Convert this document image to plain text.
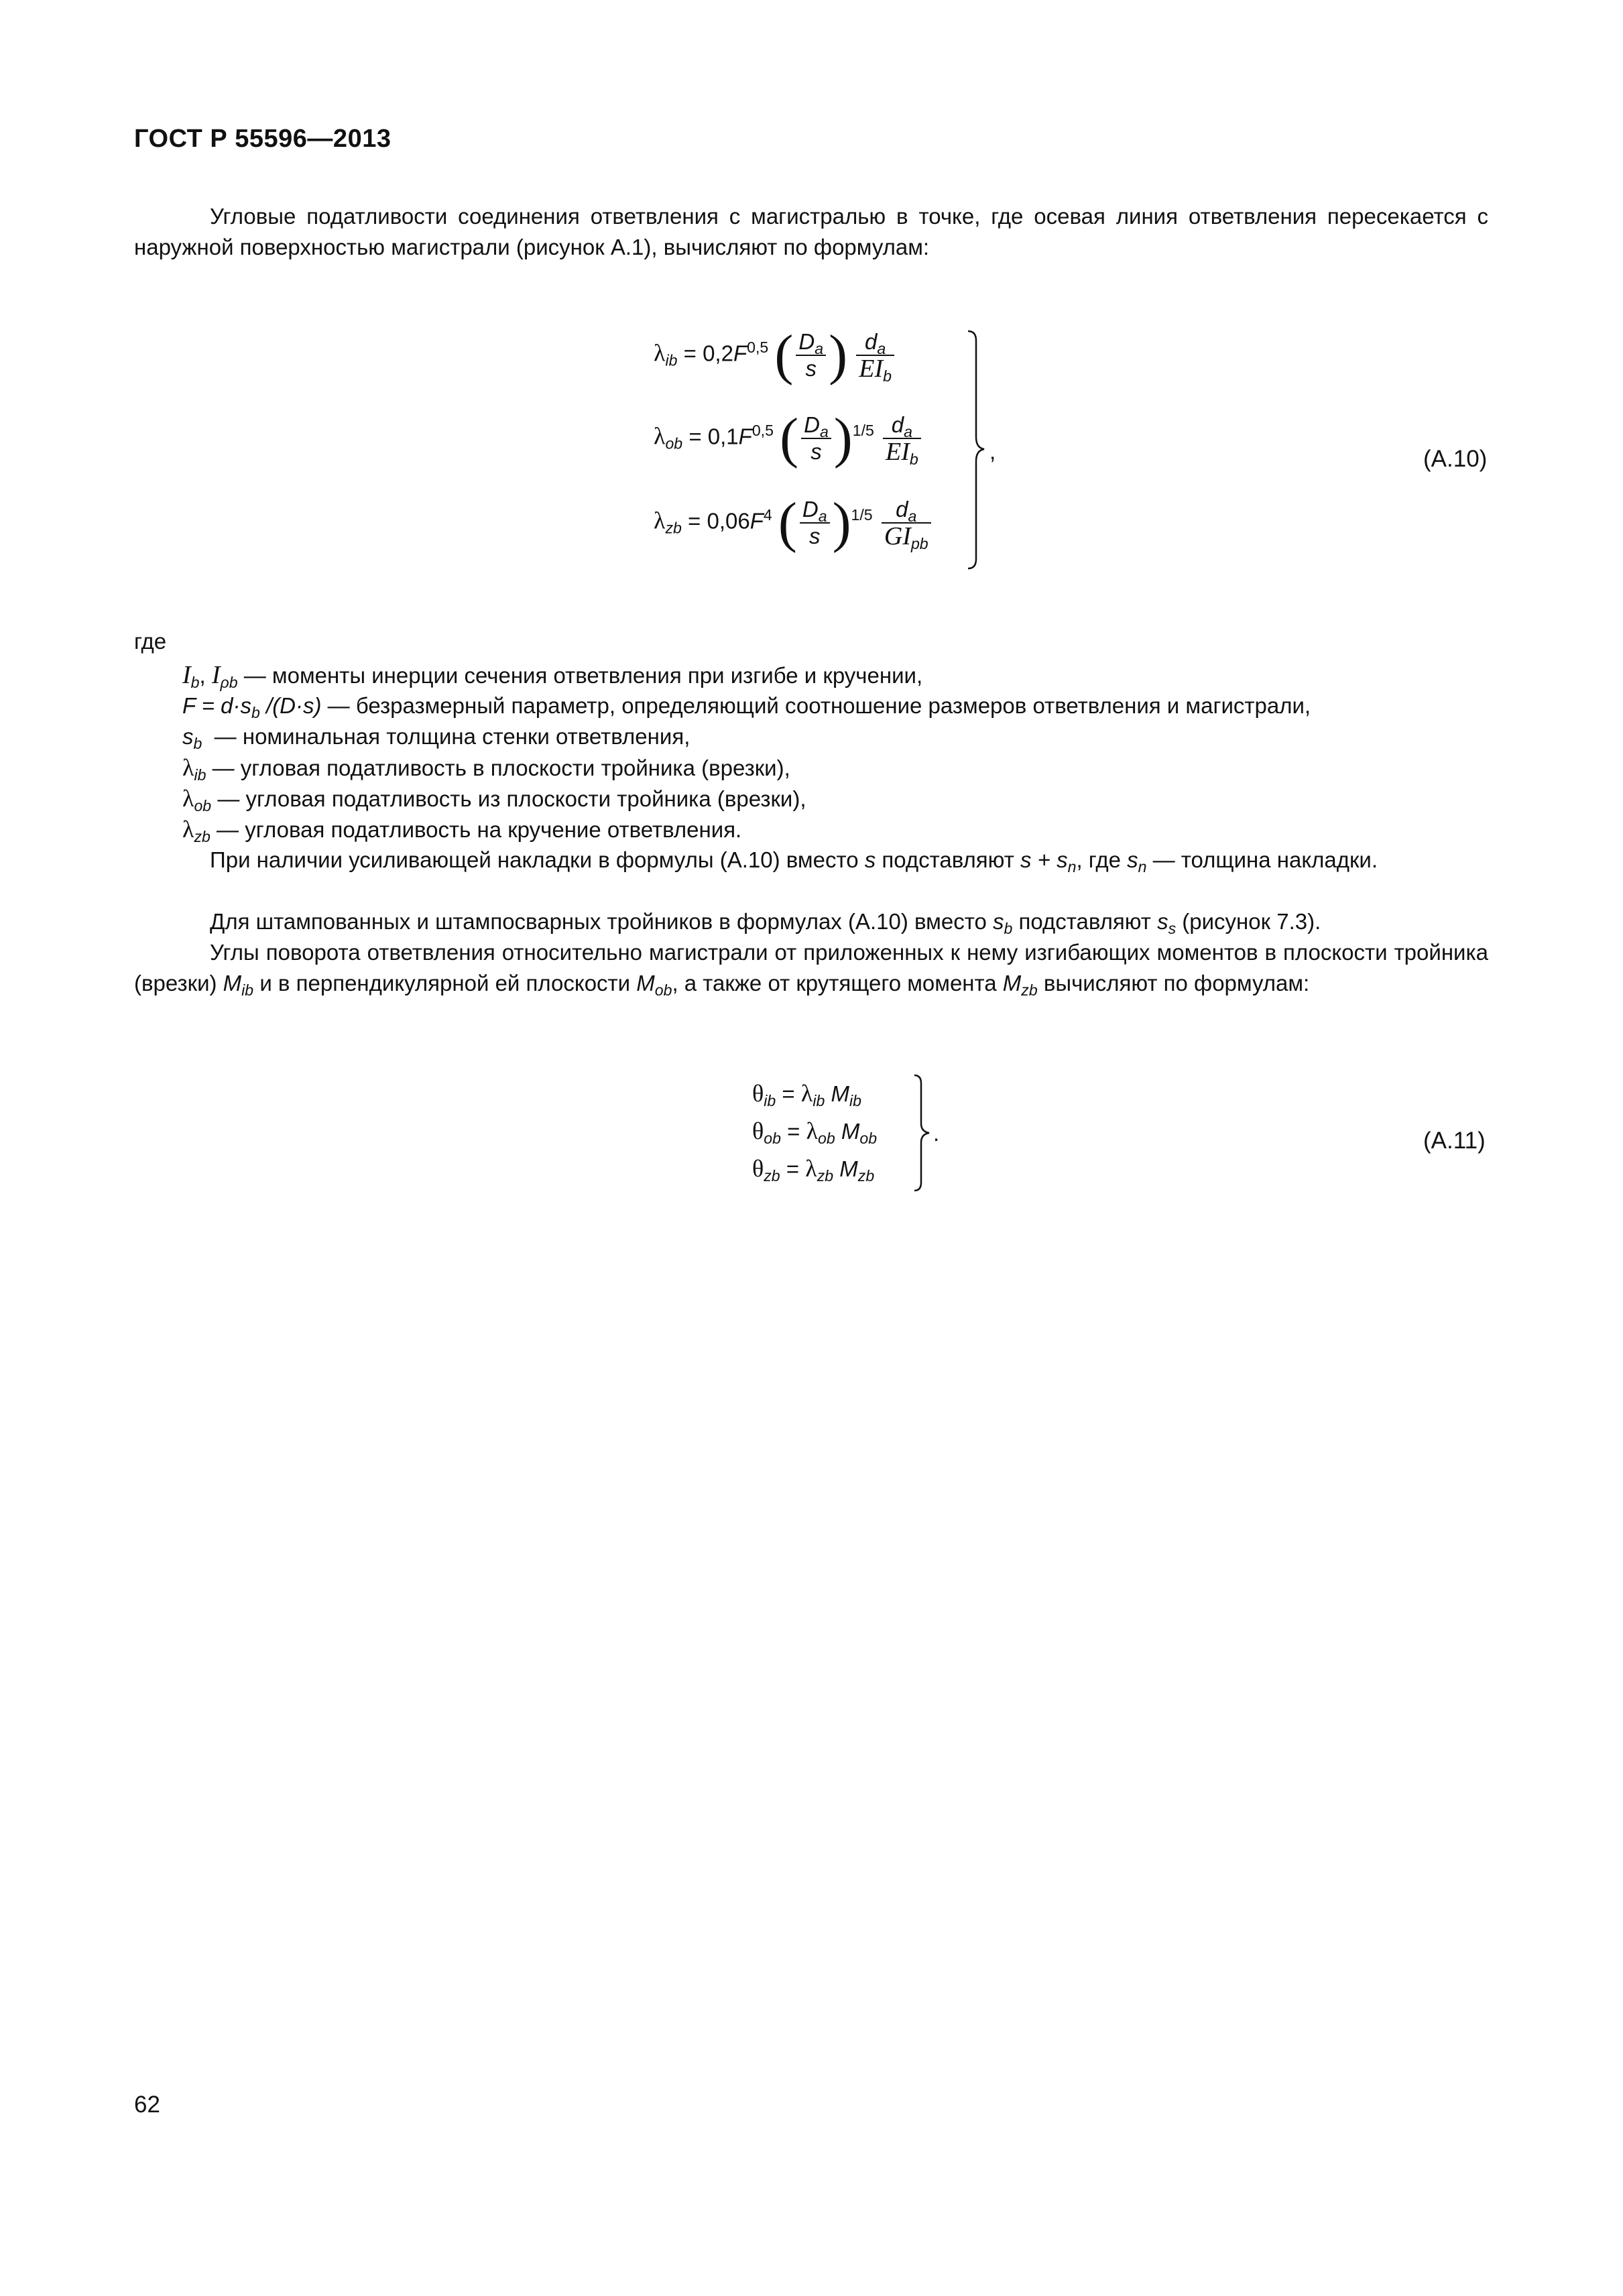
ГОСТ Р 55596—2013
Угловые податливости соединения ответвления с магистралью в точке, где осевая линия ответвления пересекается с наружной поверхностью магистрали (рисунок А.1), вычисляют по формулам:
$\lambda_{ib} = 0,2F^{0,5}$ ( $\frac{D_a}{s}$ ) $\frac{d_a}{EI_b}$
$\lambda_{ob} = 0,1F^{0,5}$ ( $\frac{D_a}{s} )^{1/5} \frac{d_a}{EI_b}$
$\lambda_{zb} = 0,06F^4$ ( $\frac{D_a}{s} )^{1/5} \frac{d_a}{GI_{pb}}$
,	(А.10)
где
$I_b$, $I_{\rho b}$ — моменты инерции сечения ответвления при изгибе и кручении,
$F = d\cdot s_b$ /(D·s) — безразмерный параметр, определяющий соотношение размеров ответвления и магистрали,
$s_b$  — номинальная толщина стенки ответвления,
$\lambda_{ib}$ — угловая податливость в плоскости тройника (врезки),
$\lambda_{ob}$ — угловая податливость из плоскости тройника (врезки),
$\lambda_{zb}$ — угловая податливость на кручение ответвления.
При наличии усиливающей накладки в формулы (А.10) вместо s подставляют $s + s_n$, где $s_n$ — толщина накладки.
Для штампованных и штампосварных тройников в формулах (А.10) вместо $s_b$ подставляют $s_s$ (рисунок 7.3).
Углы поворота ответвления относительно магистрали от приложенных к нему изгибающих моментов в плоскости тройника (врезки) $M_{ib}$ и в перпендикулярной ей плоскости $M_{ob}$, а также от крутящего момента $M_{zb}$ вычисляют по формулам:
$\theta_{ib} = \lambda_{ib}$ $M_{ib}$
$\theta_{ob} = \lambda_{ob}$ $M_{ob}$
$\theta_{zb} = \lambda_{zb}$ $M_{zb}$
.	(А.11)
62
